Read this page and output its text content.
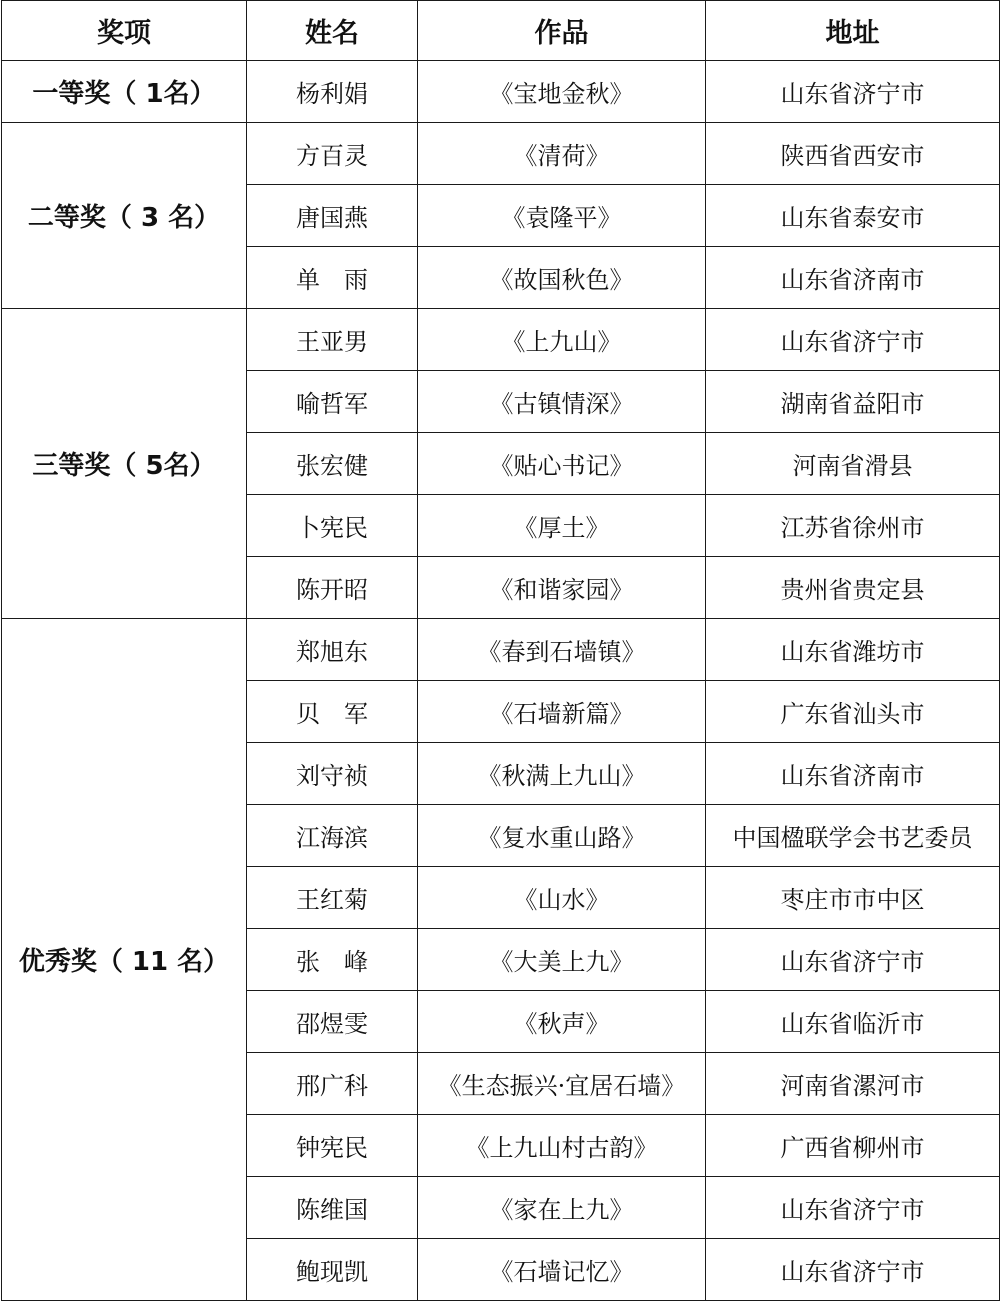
奖项	姓名	作品	地址
一等奖（ 1名）	杨利娟	《宝地金秋》	山东省济宁市
二等奖（ 3 名）	方百灵	《清荷》	陕西省西安市
	唐国燕	《袁隆平》	山东省泰安市
	单　雨	《故国秋色》	山东省济南市
三等奖（ 5名）	王亚男	《上九山》	山东省济宁市
	喻哲军	《古镇情深》	湖南省益阳市
	张宏健	《贴心书记》	河南省滑县
	卜宪民	《厚土》	江苏省徐州市
	陈开昭	《和谐家园》	贵州省贵定县
优秀奖（ 11 名）	郑旭东	《春到石墙镇》	山东省潍坊市
	贝　军	《石墙新篇》	广东省汕头市
	刘守祯	《秋满上九山》	山东省济南市
	江海滨	《复水重山路》	中国楹联学会书艺委员
	王红菊	《山水》	枣庄市市中区
	张　峰	《大美上九》	山东省济宁市
	邵煜雯	《秋声》	山东省临沂市
	邢广科	《生态振兴·宜居石墙》	河南省漯河市
	钟宪民	《上九山村古韵》	广西省柳州市
	陈维国	《家在上九》	山东省济宁市
	鲍现凯	《石墙记忆》	山东省济宁市
